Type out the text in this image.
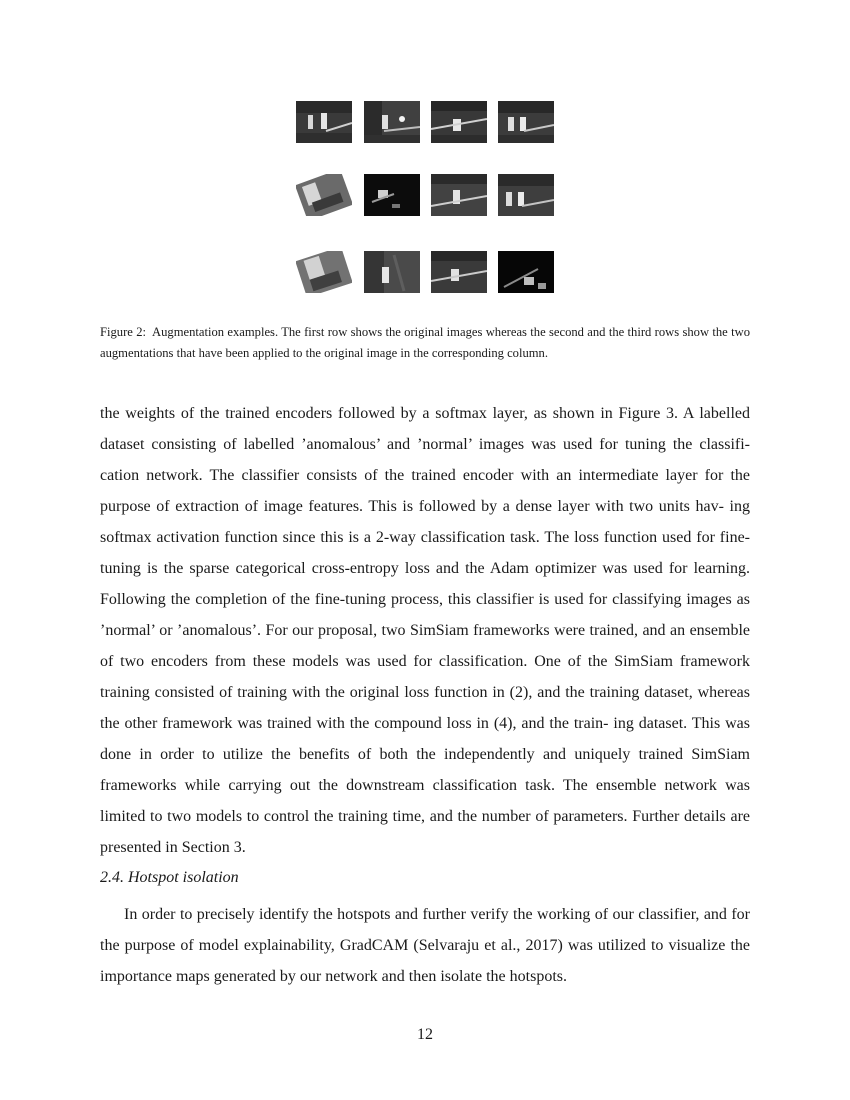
Figure 2: Augmentation examples. The first row shows the original images whereas the second and the third rows show the two augmentations that have been applied to the original image in the corresponding column.

the weights of the trained encoders followed by a softmax layer, as shown in Figure 3. A labelled dataset consisting of labelled ’anomalous’ and ’normal’ images was used for tuning the classifi- cation network. The classifier consists of the trained encoder with an intermediate layer for the purpose of extraction of image features. This is followed by a dense layer with two units hav- ing softmax activation function since this is a 2-way classification task. The loss function used for fine-tuning is the sparse categorical cross-entropy loss and the Adam optimizer was used for learning. Following the completion of the fine-tuning process, this classifier is used for classifying images as ’normal’ or ’anomalous’. For our proposal, two SimSiam frameworks were trained, and an ensemble of two encoders from these models was used for classification. One of the SimSiam framework training consisted of training with the original loss function in (2), and the training dataset, whereas the other framework was trained with the compound loss in (4), and the train- ing dataset. This was done in order to utilize the benefits of both the independently and uniquely trained SimSiam frameworks while carrying out the downstream classification task. The ensemble network was limited to two models to control the training time, and the number of parameters. Further details are presented in Section 3.

2.4. Hotspot isolation

In order to precisely identify the hotspots and further verify the working of our classifier, and for the purpose of model explainability, GradCAM (Selvaraju et al., 2017) was utilized to visualize the importance maps generated by our network and then isolate the hotspots.

12
